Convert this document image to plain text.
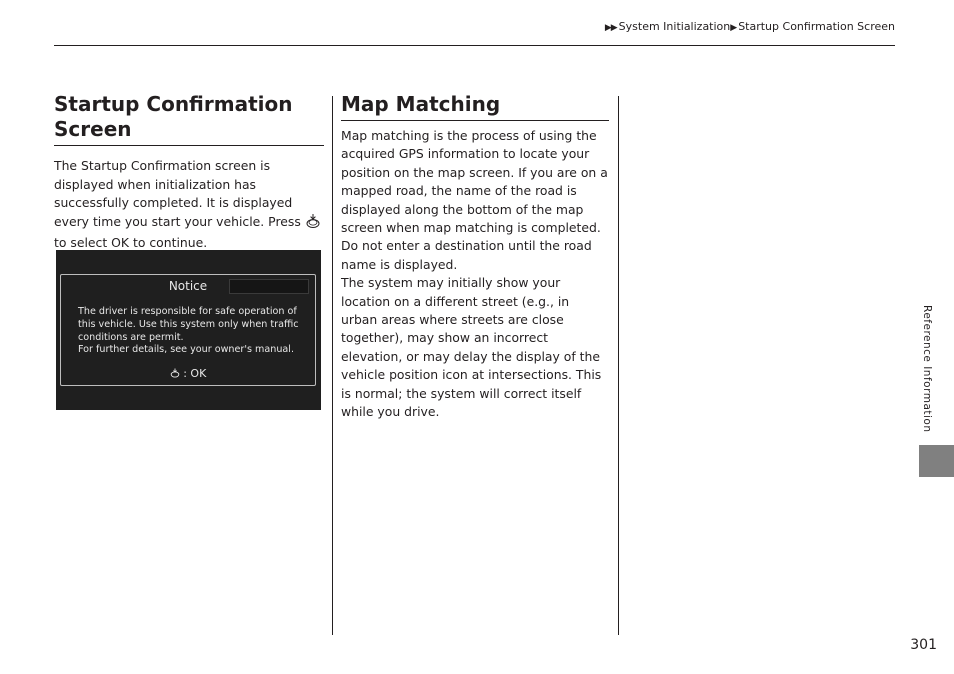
▶▶ System Initialization▶ Startup Confirmation Screen
Startup Confirmation Screen

The Startup Confirmation screen is displayed when initialization has successfully completed. It is displayed every time you start your vehicle. Press  to select OK to continue.

Notice
The driver is responsible for safe operation of
this vehicle. Use this system only when traffic
conditions are permit.
For further details, see your owner's manual.
: OK
Map Matching

Map matching is the process of using the acquired GPS information to locate your position on the map screen. If you are on a mapped road, the name of the road is displayed along the bottom of the map screen when map matching is completed. Do not enter a destination until the road name is displayed.

The system may initially show your location on a different street (e.g., in urban areas where streets are close together), may show an incorrect elevation, or may delay the display of the vehicle position icon at intersections. This is normal; the system will correct itself while you drive.	Reference Information
301
